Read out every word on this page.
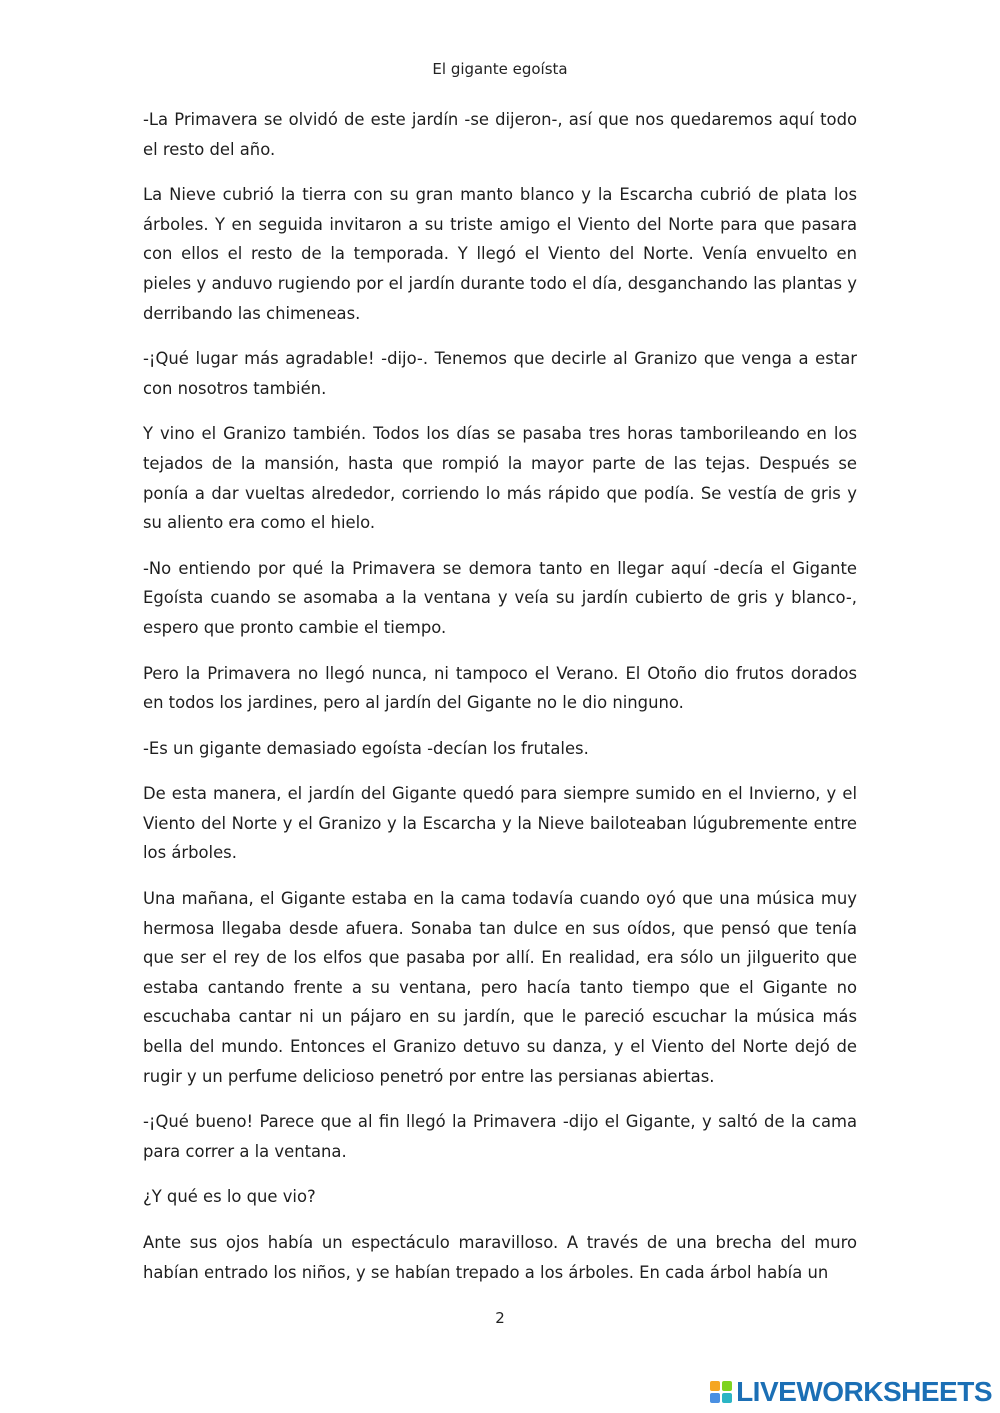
El gigante egoísta

-La Primavera se olvidó de este jardín -se dijeron-, así que nos quedaremos aquí todo el resto del año.

La Nieve cubrió la tierra con su gran manto blanco y la Escarcha cubrió de plata los árboles. Y en seguida invitaron a su triste amigo el Viento del Norte para que pasara con ellos el resto de la temporada. Y llegó el Viento del Norte. Venía envuelto en pieles y anduvo rugiendo por el jardín durante todo el día, desganchando las plantas y derribando las chimeneas.

-¡Qué lugar más agradable! -dijo-. Tenemos que decirle al Granizo que venga a estar con nosotros también.

Y vino el Granizo también. Todos los días se pasaba tres horas tamborileando en los tejados de la mansión, hasta que rompió la mayor parte de las tejas. Después se ponía a dar vueltas alrededor, corriendo lo más rápido que podía. Se vestía de gris y su aliento era como el hielo.

-No entiendo por qué la Primavera se demora tanto en llegar aquí -decía el Gigante Egoísta cuando se asomaba a la ventana y veía su jardín cubierto de gris y blanco-, espero que pronto cambie el tiempo.

Pero la Primavera no llegó nunca, ni tampoco el Verano. El Otoño dio frutos dorados en todos los jardines, pero al jardín del Gigante no le dio ninguno.

-Es un gigante demasiado egoísta -decían los frutales.

De esta manera, el jardín del Gigante quedó para siempre sumido en el Invierno, y el Viento del Norte y el Granizo y la Escarcha y la Nieve bailoteaban lúgubremente entre los árboles.

Una mañana, el Gigante estaba en la cama todavía cuando oyó que una música muy hermosa llegaba desde afuera. Sonaba tan dulce en sus oídos, que pensó que tenía que ser el rey de los elfos que pasaba por allí. En realidad, era sólo un jilguerito que estaba cantando frente a su ventana, pero hacía tanto tiempo que el Gigante no escuchaba cantar ni un pájaro en su jardín, que le pareció escuchar la música más bella del mundo. Entonces el Granizo detuvo su danza, y el Viento del Norte dejó de rugir y un perfume delicioso penetró por entre las persianas abiertas.

-¡Qué bueno! Parece que al fin llegó la Primavera -dijo el Gigante, y saltó de la cama para correr a la ventana.

¿Y qué es lo que vio?

Ante sus ojos había un espectáculo maravilloso. A través de una brecha del muro habían entrado los niños, y se habían trepado a los árboles. En cada árbol había un

2
LIVEWORKSHEETS
